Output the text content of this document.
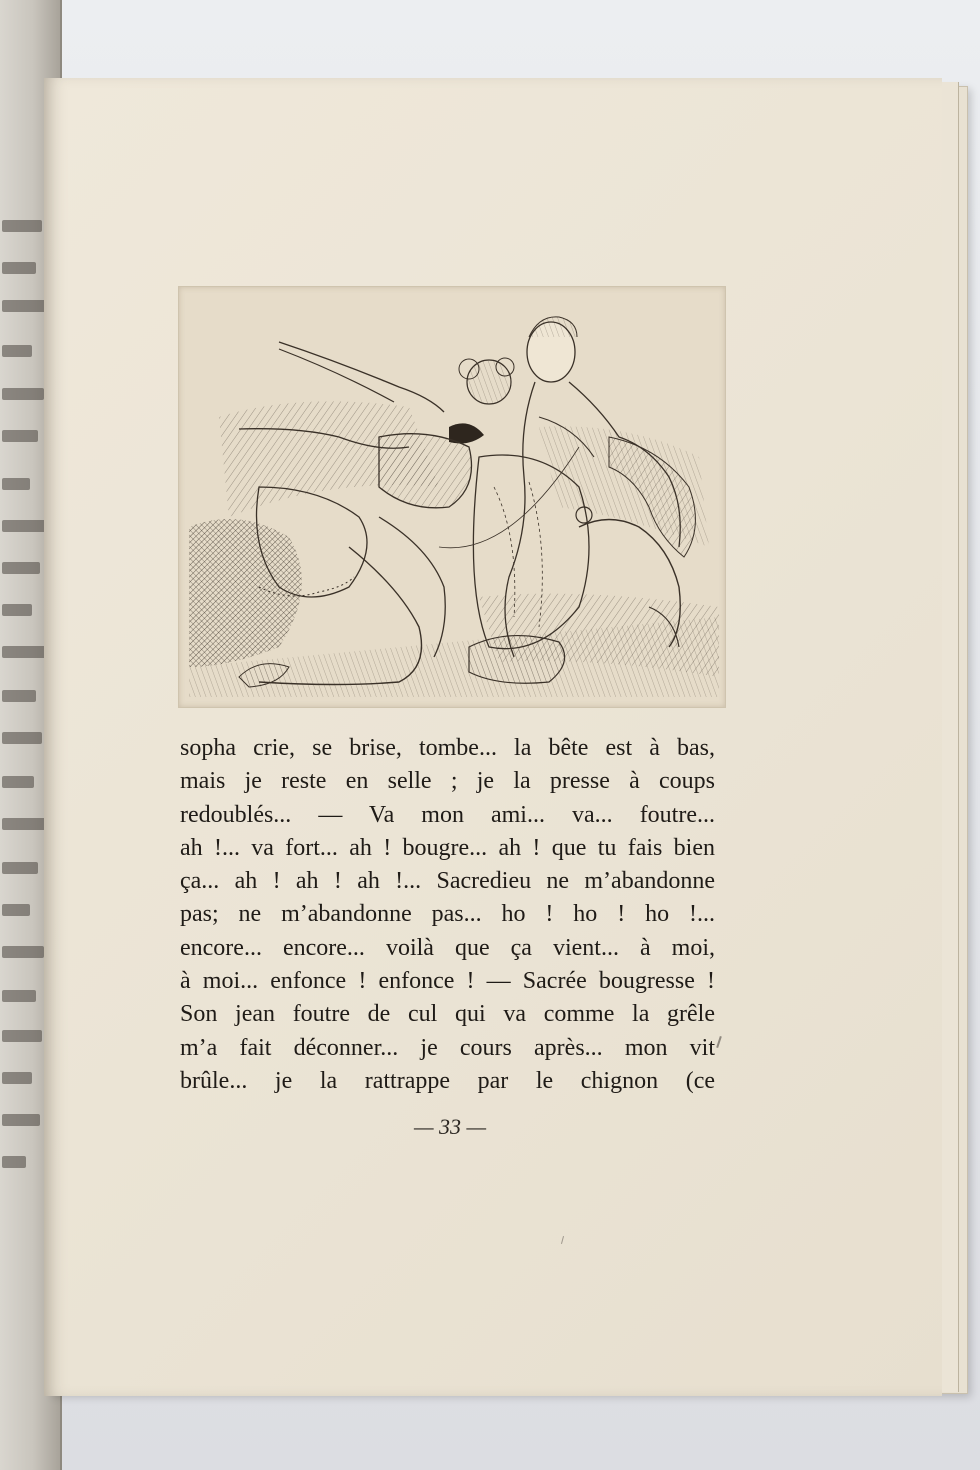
sopha crie, se brise, tombe... la bête est à bas,
mais je reste en selle ; je la presse à coups
redoublés... — Va mon ami... va... foutre...
ah !... va fort... ah ! bougre... ah ! que tu fais bien
ça... ah ! ah ! ah !... Sacredieu ne m’abandonne
pas; ne m’abandonne pas... ho ! ho ! ho !...
encore... encore... voilà que ça vient... à moi,
à moi... enfonce ! enfonce ! — Sacrée bougresse !
Son jean foutre de cul qui va comme la grêle
m’a fait déconner... je cours après... mon vit
brûle... je la rattrappe par le chignon (ce
— 33 —
